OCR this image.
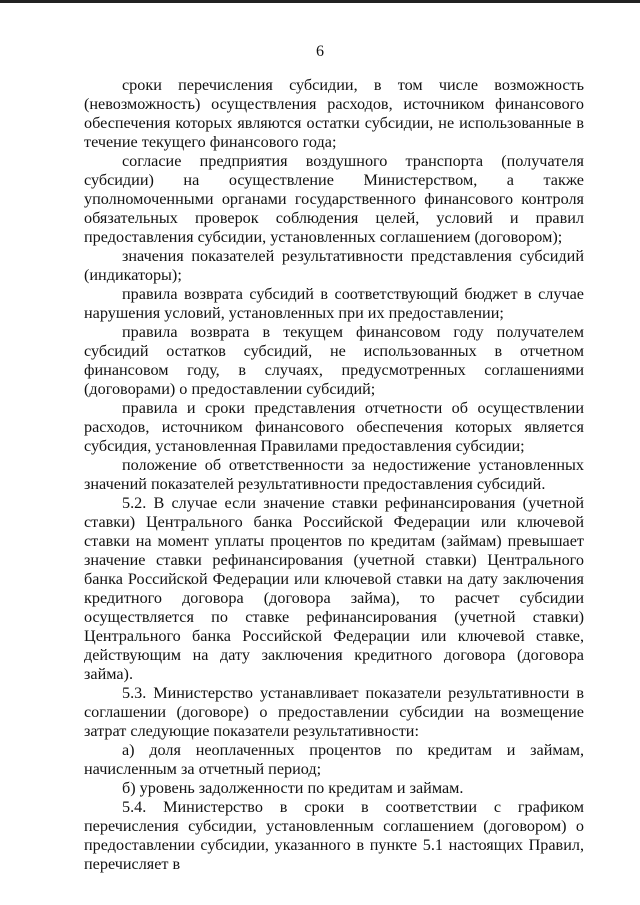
6

сроки перечисления субсидии, в том числе возможность (невозможность) осуществления расходов, источником финансового обеспечения которых являются остатки субсидии, не использованные в течение текущего финансового года;

согласие предприятия воздушного транспорта (получателя субсидии) на осуществление Министерством, а также уполномоченными органами государственного финансового контроля обязательных проверок соблюдения целей, условий и правил предоставления субсидии, установленных соглашением (договором);

значения показателей результативности представления субсидий (индикаторы);

правила возврата субсидий в соответствующий бюджет в случае нарушения условий, установленных при их предоставлении;

правила возврата в текущем финансовом году получателем субсидий остатков субсидий, не использованных в отчетном финансовом году, в случаях, предусмотренных соглашениями (договорами) о предоставлении субсидий;

правила и сроки представления отчетности об осуществлении расходов, источником финансового обеспечения которых является субсидия, установленная Правилами предоставления субсидии;

положение об ответственности за недостижение установленных значений показателей результативности предоставления субсидий.

5.2. В случае если значение ставки рефинансирования (учетной ставки) Центрального банка Российской Федерации или ключевой ставки на момент уплаты процентов по кредитам (займам) превышает значение ставки рефинансирования (учетной ставки) Центрального банка Российской Федерации или ключевой ставки на дату заключения кредитного договора (договора займа), то расчет субсидии осуществляется по ставке рефинансирования (учетной ставки) Центрального банка Российской Федерации или ключевой ставке, действующим на дату заключения кредитного договора (договора займа).

5.3. Министерство устанавливает показатели результативности в соглашении (договоре) о предоставлении субсидии на возмещение затрат следующие показатели результативности:

а) доля неоплаченных процентов по кредитам и займам, начисленным за отчетный период;

б) уровень задолженности по кредитам и займам.

5.4. Министерство в сроки в соответствии с графиком перечисления субсидии, установленным соглашением (договором) о предоставлении субсидии, указанного в пункте 5.1 настоящих Правил, перечисляет в
